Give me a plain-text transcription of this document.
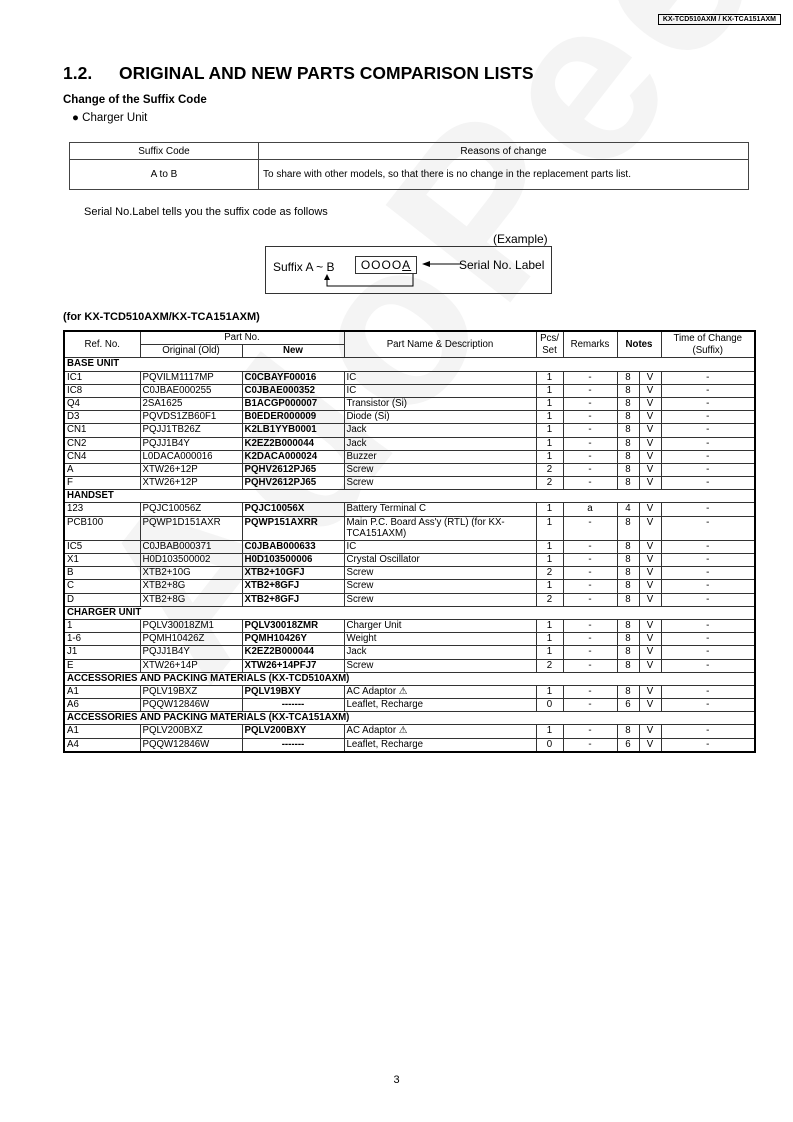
KX-TCD510AXM / KX-TCA151AXM
1.2. ORIGINAL AND NEW PARTS COMPARISON LISTS
Change of the Suffix Code
● Charger Unit
Suffix Code	Reasons of change
A to B	To share with other models, so that there is no change in the replacement parts list.
Serial No.Label tells you the suffix code as follows
(Example)
Suffix A ~ B	OOOOA	Serial No. Label
(for KX-TCD510AXM/KX-TCA151AXM)
Ref. No.	Part No.		Part Name & Description	Pcs/ Set	Remarks	Notes		Time of Change (Suffix)
	Original (Old)	New						
BASE UNIT								
IC1	PQVILM1117MP	C0CBAYF00016	IC	1	-	8	V	-
IC8	C0JBAE000255	C0JBAE000352	IC	1	-	8	V	-
Q4	2SA1625	B1ACGP000007	Transistor (Si)	1	-	8	V	-
D3	PQVDS1ZB60F1	B0EDER000009	Diode (Si)	1	-	8	V	-
CN1	PQJJ1TB26Z	K2LB1YYB0001	Jack	1	-	8	V	-
CN2	PQJJ1B4Y	K2EZ2B000044	Jack	1	-	8	V	-
CN4	L0DACA000016	K2DACA000024	Buzzer	1	-	8	V	-
A	XTW26+12P	PQHV2612PJ65	Screw	2	-	8	V	-
F	XTW26+12P	PQHV2612PJ65	Screw	2	-	8	V	-
HANDSET								
123	PQJC10056Z	PQJC10056X	Battery Terminal C	1	a	4	V	-
PCB100	PQWP1D151AXR	PQWP151AXRR	Main P.C. Board Ass'y (RTL) (for KX-TCA151AXM)	1	-	8	V	-
IC5	C0JBAB000371	C0JBAB000633	IC	1	-	8	V	-
X1	H0D103500002	H0D103500006	Crystal Oscillator	1	-	8	V	-
B	XTB2+10G	XTB2+10GFJ	Screw	2	-	8	V	-
C	XTB2+8G	XTB2+8GFJ	Screw	1	-	8	V	-
D	XTB2+8G	XTB2+8GFJ	Screw	2	-	8	V	-
CHARGER UNIT								
1	PQLV30018ZM1	PQLV30018ZMR	Charger Unit	1	-	8	V	-
1-6	PQMH10426Z	PQMH10426Y	Weight	1	-	8	V	-
J1	PQJJ1B4Y	K2EZ2B000044	Jack	1	-	8	V	-
E	XTW26+14P	XTW26+14PFJ7	Screw	2	-	8	V	-
ACCESSORIES AND PACKING MATERIALS (KX-TCD510AXM)								
A1	PQLV19BXZ	PQLV19BXY	AC Adaptor ⚠	1	-	8	V	-
A6	PQQW12846W	-------	Leaflet, Recharge	0	-	6	V	-
ACCESSORIES AND PACKING MATERIALS (KX-TCA151AXM)								
A1	PQLV200BXZ	PQLV200BXY	AC Adaptor ⚠	1	-	8	V	-
A4	PQQW12846W	-------	Leaflet, Recharge	0	-	6	V	-
3
